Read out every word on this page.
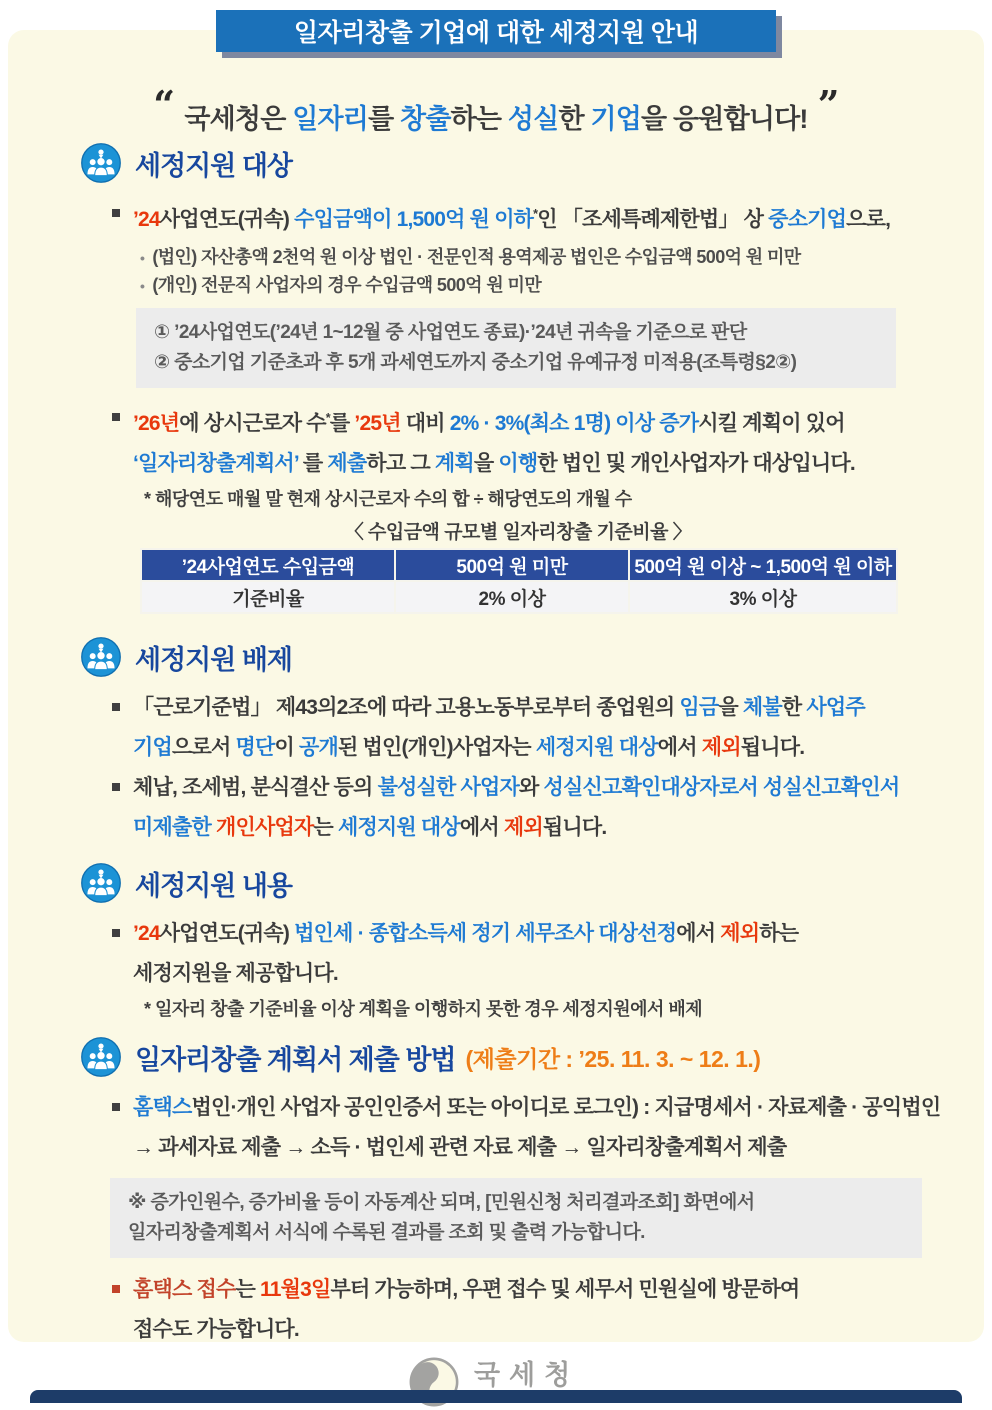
일자리창출 기업에 대한 세정지원 안내
“ 국세청은 일자리를 창출하는 성실한 기업을 응원합니다! ”
세정지원 대상
’24사업연도(귀속) 수입금액이 1,500억 원 이하*인 「조세특례제한법」 상 중소기업으로,
• (법인) 자산총액 2천억 원 이상 법인 · 전문인적 용역제공 법인은 수입금액 500억 원 미만
• (개인) 전문직 사업자의 경우 수입금액 500억 원 미만
① ’24사업연도(’24년 1~12월 중 사업연도 종료)·’24년 귀속을 기준으로 판단
② 중소기업 기준초과 후 5개 과세연도까지 중소기업 유예규정 미적용(조특령§2②)
’26년에 상시근로자 수*를 ’25년 대비 2% · 3%(최소 1명) 이상 증가시킬 계획이 있어
‘일자리창출계획서’ 를 제출하고 그 계획을 이행한 법인 및 개인사업자가 대상입니다.
* 해당연도 매월 말 현재 상시근로자 수의 합 ÷ 해당연도의 개월 수
〈 수입금액 규모별 일자리창출 기준비율 〉
’24사업연도 수입금액	500억 원 미만	500억 원 이상 ~ 1,500억 원 이하
기준비율	2% 이상	3% 이상
세정지원 배제
「근로기준법」 제43의2조에 따라 고용노동부로부터 종업원의 임금을 체불한 사업주
기업으로서 명단이 공개된 법인(개인)사업자는 세정지원 대상에서 제외됩니다.
체납, 조세범, 분식결산 등의 불성실한 사업자와 성실신고확인대상자로서 성실신고확인서
미제출한 개인사업자는 세정지원 대상에서 제외됩니다.
세정지원 내용
’24사업연도(귀속) 법인세 · 종합소득세 정기 세무조사 대상선정에서 제외하는
세정지원을 제공합니다.
* 일자리 창출 기준비율 이상 계획을 이행하지 못한 경우 세정지원에서 배제
일자리창출 계획서 제출 방법 (제출기간 : ’25. 11. 3. ~ 12. 1.)
홈택스법인·개인 사업자 공인인증서 또는 아이디로 로그인) : 지급명세서 · 자료제출 · 공익법인
→ 과세자료 제출 → 소득 · 법인세 관련 자료 제출 → 일자리창출계획서 제출
※ 증가인원수, 증가비율 등이 자동계산 되며, [민원신청 처리결과조회] 화면에서
일자리창출계획서 서식에 수록된 결과를 조회 및 출력 가능합니다.
홈택스 접수는 11월3일부터 가능하며, 우편 접수 및 세무서 민원실에 방문하여
접수도 가능합니다.
국세청
